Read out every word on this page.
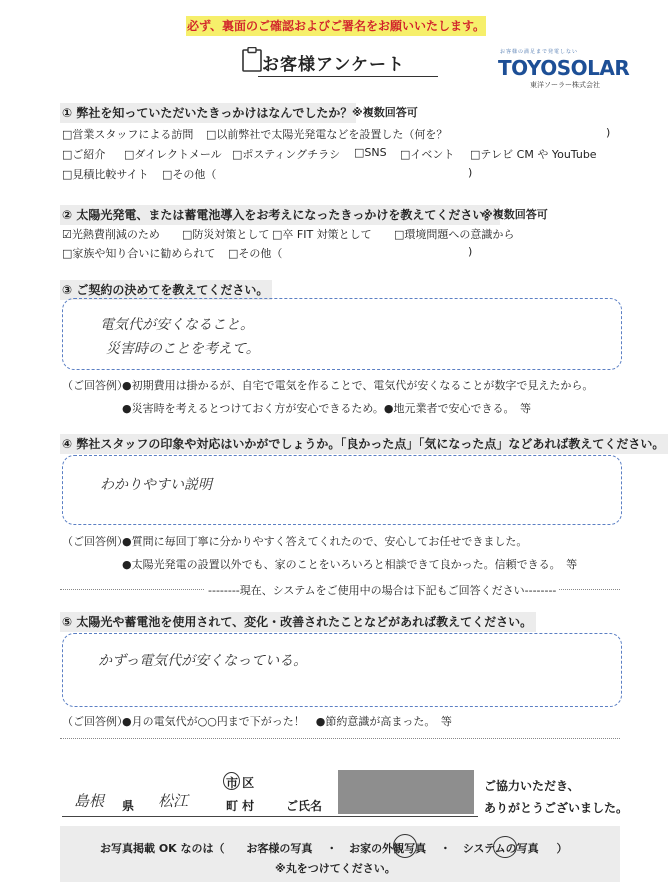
必ず、裏面のご確認およびご署名をお願いいたします。
お客様アンケート
お客様の満足まで発電しない
TOYOSOLAR
東洋ソーラー株式会社
① 弊社を知っていただいたきっかけはなんでしたか？ ※複数回答可
□営業スタッフによる訪問 □以前弊社で太陽光発電などを設置した（何を？	)
□ご紹介 □ダイレクトメール □ポスティングチラシ □SNS □イベント □テレビ CM や YouTube
□見積比較サイト □その他（	)
② 太陽光発電、または蓄電池導入をお考えになったきっかけを教えてください。
※複数回答可
☑光熱費削減のため □防災対策として □卒 FIT 対策として □環境問題への意識から
□家族や知り合いに勧められて □その他（	)
③ ご契約の決めてを教えてください。
電気代が安くなること。
災害時のことを考えて。
（ご回答例）
●初期費用は掛かるが、自宅で電気を作ることで、電気代が安くなることが数字で見えたから。
●災害時を考えるとつけておく方が安心できるため。●地元業者で安心できる。　等
④ 弊社スタッフの印象や対応はいかがでしょうか。「良かった点」「気になった点」などあれば教えてください。
わかりやすい説明
（ご回答例）
●質問に毎回丁寧に分かりやすく答えてくれたので、安心してお任せできました。
●太陽光発電の設置以外でも、家のことをいろいろと相談できて良かった。信頼できる。　等
--------現在、システムをご使用中の場合は下記もご回答ください--------
⑤ 太陽光や蓄電池を使用されて、変化・改善されたことなどがあれば教えてください。
かずっ電気代が安くなっている。
（ご回答例）
●月の電気代が○○円まで下がった！　●節約意識が高まった。　等
島根 県 松江
市 区
町 村	ご氏名
ご協力いただき、
ありがとうございました。
お写真掲載 OK なのは（ お客様の写真 ・ お家の外観写真 ・ システムの写真 ）
※丸をつけてください。
